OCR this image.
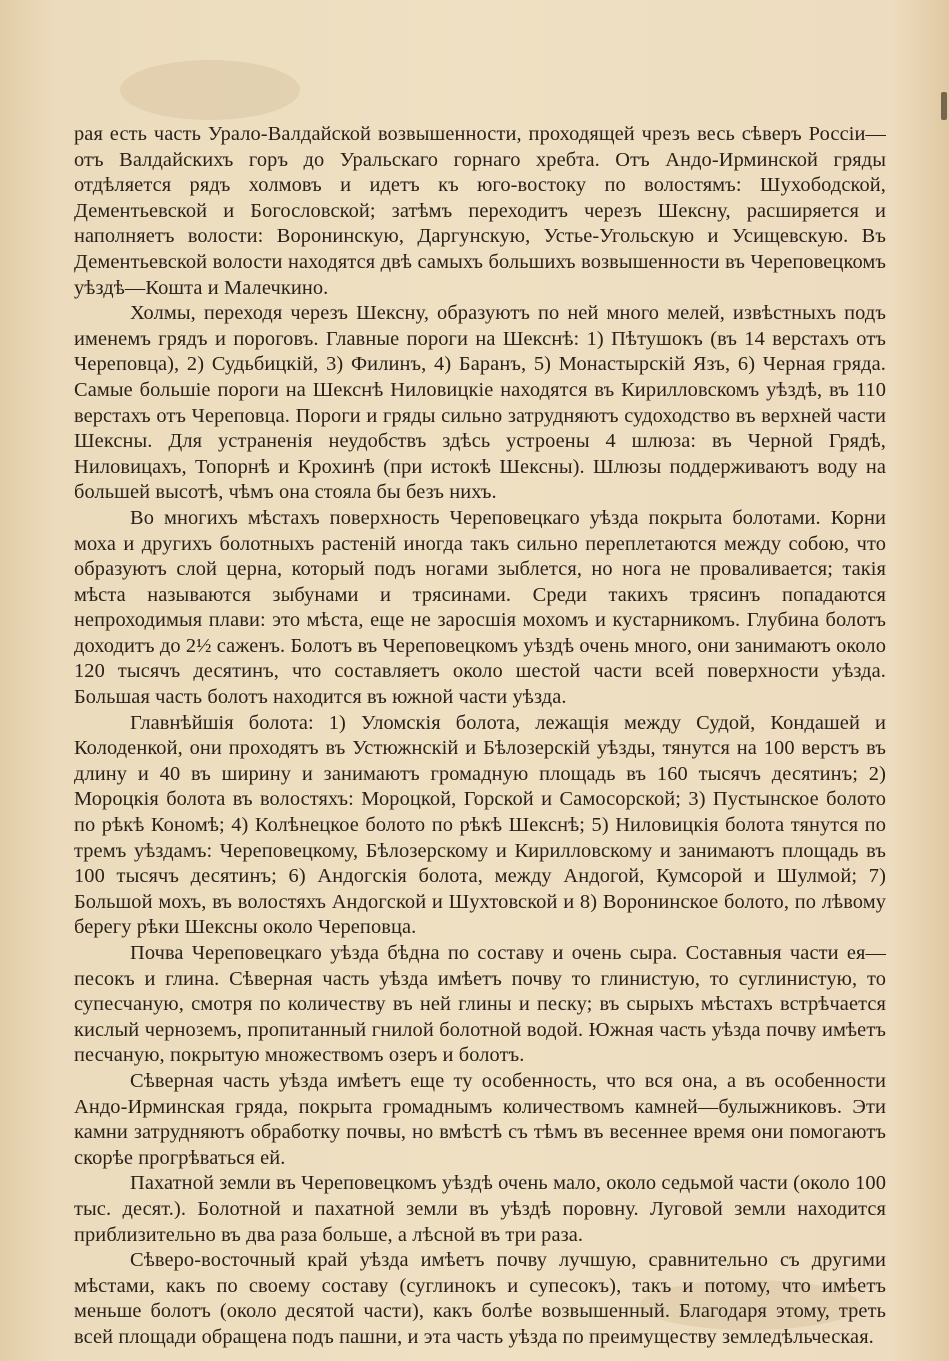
рая есть часть Урало-Валдайской возвышенности, проходящей чрезъ весь сѣверъ Россіи—отъ Валдайскихъ горъ до Уральскаго горнаго хребта. Отъ Андо-Ирминской гряды отдѣляется рядъ холмовъ и идетъ къ юго-востоку по волостямъ: Шухободской, Дементьевской и Богословской; затѣмъ переходитъ черезъ Шексну, расширяется и наполняетъ волости: Воронинскую, Даргунскую, Устье-Угольскую и Усищевскую. Въ Дементьевской волости находятся двѣ самыхъ большихъ возвышенности въ Череповецкомъ уѣздѣ—Кошта и Малечкино.

Холмы, переходя черезъ Шексну, образуютъ по ней много мелей, извѣстныхъ подъ именемъ грядъ и пороговъ. Главные пороги на Шекснѣ: 1) Пѣтушокъ (въ 14 верстахъ отъ Череповца), 2) Судьбицкій, 3) Филинъ, 4) Баранъ, 5) Монастырскій Язъ, 6) Черная гряда. Самые большіе пороги на Шекснѣ Ниловицкіе находятся въ Кирилловскомъ уѣздѣ, въ 110 верстахъ отъ Череповца. Пороги и гряды сильно затрудняютъ судоходство въ верхней части Шексны. Для устраненія неудобствъ здѣсь устроены 4 шлюза: въ Черной Грядѣ, Ниловицахъ, Топорнѣ и Крохинѣ (при истокѣ Шексны). Шлюзы поддерживаютъ воду на большей высотѣ, чѣмъ она стояла бы безъ нихъ.

Во многихъ мѣстахъ поверхность Череповецкаго уѣзда покрыта болотами. Корни моха и другихъ болотныхъ растеній иногда такъ сильно переплетаются между собою, что образуютъ слой церна, который подъ ногами зыблется, но нога не проваливается; такія мѣста называются зыбунами и трясинами. Среди такихъ трясинъ попадаются непроходимыя плави: это мѣста, еще не заросшія мохомъ и кустарникомъ. Глубина болотъ доходитъ до 2½ саженъ. Болотъ въ Череповецкомъ уѣздѣ очень много, они занимаютъ около 120 тысячъ десятинъ, что составляетъ около шестой части всей поверхности уѣзда. Большая часть болотъ находится въ южной части уѣзда.

Главнѣйшія болота: 1) Уломскія болота, лежащія между Судой, Кондашей и Колоденкой, они проходятъ въ Устюжнскій и Бѣлозерскій уѣзды, тянутся на 100 верстъ въ длину и 40 въ ширину и занимаютъ громадную площадь въ 160 тысячъ десятинъ; 2) Мороцкія болота въ волостяхъ: Мороцкой, Горской и Самосорской; 3) Пустынское болото по рѣкѣ Кономѣ; 4) Колѣнецкое болото по рѣкѣ Шекснѣ; 5) Ниловицкія болота тянутся по тремъ уѣздамъ: Череповецкому, Бѣлозерскому и Кирилловскому и занимаютъ площадь въ 100 тысячъ десятинъ; 6) Андогскія болота, между Андогой, Кумсорой и Шулмой; 7) Большой мохъ, въ волостяхъ Андогской и Шухтовской и 8) Воронинское болото, по лѣвому берегу рѣки Шексны около Череповца.

Почва Череповецкаго уѣзда бѣдна по составу и очень сыра. Составныя части ея—песокъ и глина. Сѣверная часть уѣзда имѣетъ почву то глинистую, то суглинистую, то супесчаную, смотря по количеству въ ней глины и песку; въ сырыхъ мѣстахъ встрѣчается кислый черноземъ, пропитанный гнилой болотной водой. Южная часть уѣзда почву имѣетъ песчаную, покрытую множествомъ озеръ и болотъ.

Сѣверная часть уѣзда имѣетъ еще ту особенность, что вся она, а въ особенности Андо-Ирминская гряда, покрыта громаднымъ количествомъ камней—булыжниковъ. Эти камни затрудняютъ обработку почвы, но вмѣстѣ съ тѣмъ въ весеннее время они помогаютъ скорѣе прогрѣваться ей.

Пахатной земли въ Череповецкомъ уѣздѣ очень мало, около седьмой части (около 100 тыс. десят.). Болотной и пахатной земли въ уѣздѣ поровну. Луговой земли находится приблизительно въ два раза больше, а лѣсной въ три раза.

Сѣверо-восточный край уѣзда имѣетъ почву лучшую, сравнительно съ другими мѣстами, какъ по своему составу (суглинокъ и супесокъ), такъ и потому, что имѣетъ меньше болотъ (около десятой части), какъ болѣе возвышенный. Благодаря этому, треть всей площади обращена подъ пашни, и эта часть уѣзда по преимуществу земледѣльческая.
